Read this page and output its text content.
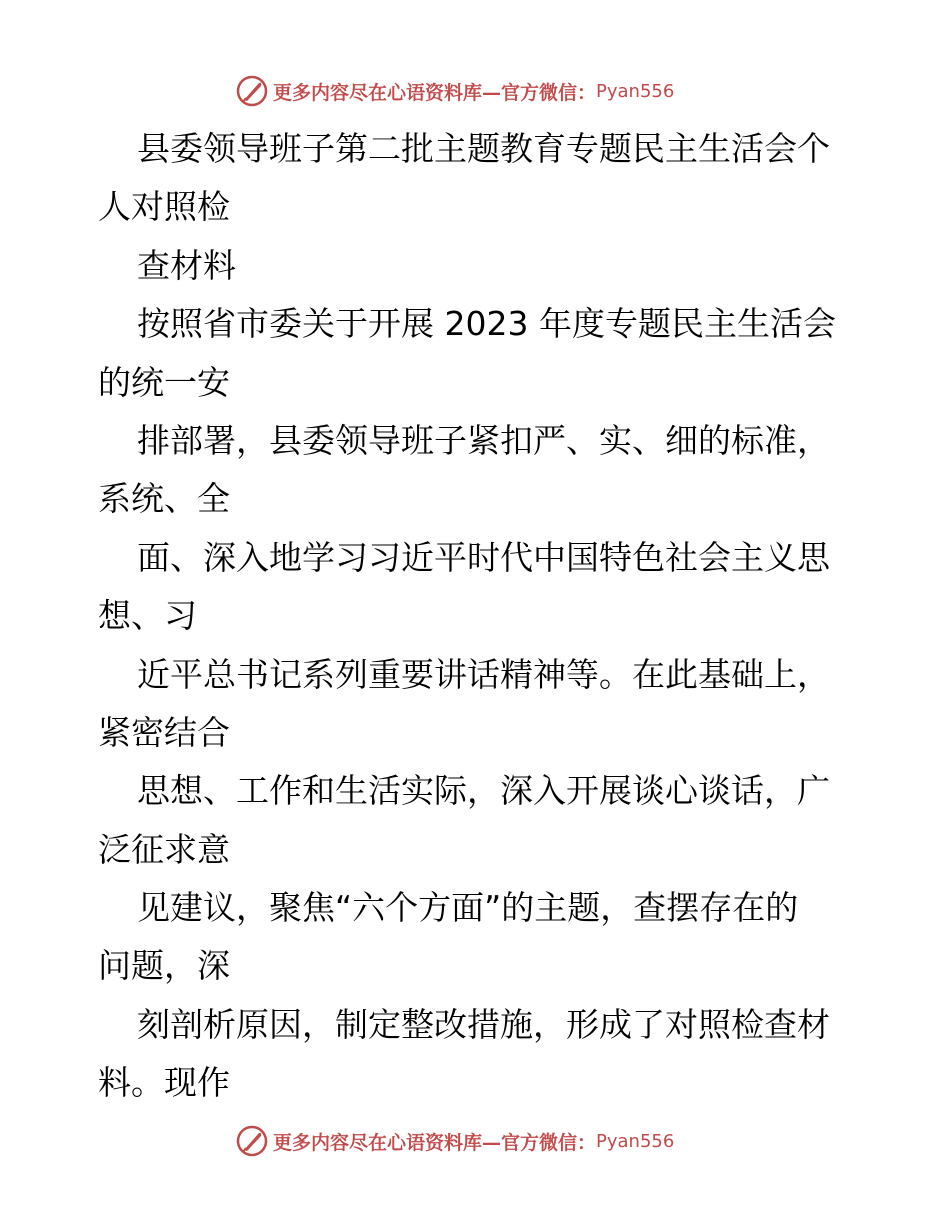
更多内容尽在心语资料库—官方微信： Pyan556
县委领导班子第二批主题教育专题民主生活会个
人对照检
查材料
按照省市委关于开展 2023 年度专题民主生活会
的统一安
排部署，县委领导班子紧扣严、实、细的标准，
系统、全
面、深入地学习习近平时代中国特色社会主义思
想、习
近平总书记系列重要讲话精神等。在此基础上，
紧密结合
思想、工作和生活实际，深入开展谈心谈话，广
泛征求意
见建议，聚焦“六个方面”的主题，查摆存在的
问题，深
刻剖析原因，制定整改措施，形成了对照检查材
料。现作
更多内容尽在心语资料库—官方微信： Pyan556
